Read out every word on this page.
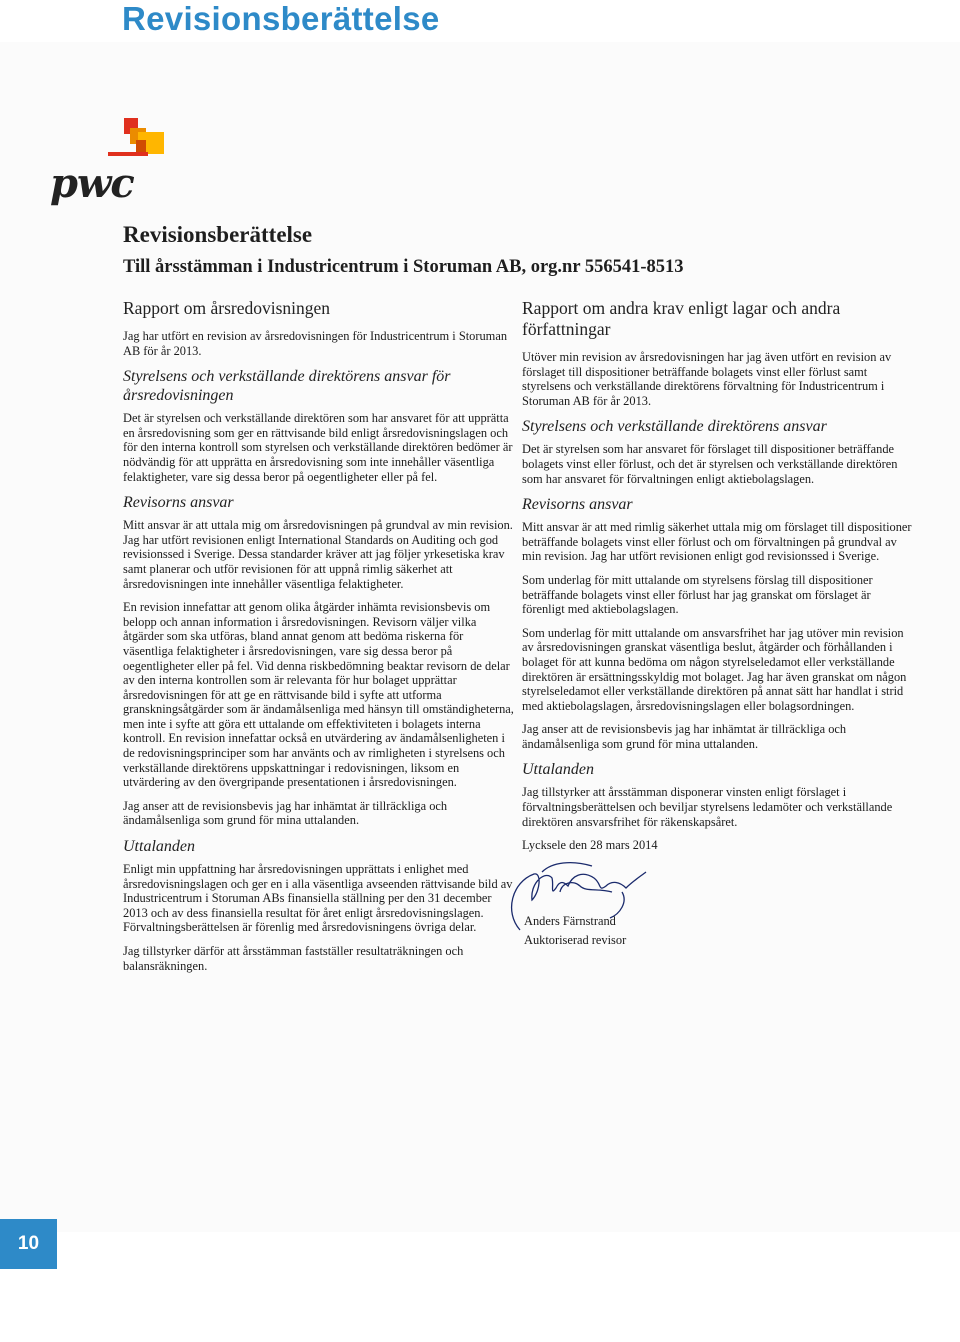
Revisionsberättelse
pwc
Revisionsberättelse
Till årsstämman i Industricentrum i Storuman AB, org.nr 556541-8513
Rapport om årsredovisningen

Jag har utfört en revision av årsredovisningen för Industricentrum i Storuman AB för år 2013.

Styrelsens och verkställande direktörens ansvar för årsredovisningen

Det är styrelsen och verkställande direktören som har ansvaret för att upprätta en årsredovisning som ger en rättvisande bild enligt årsredovisningslagen och för den interna kontroll som styrelsen och verkställande direktören bedömer är nödvändig för att upprätta en årsredovisning som inte innehåller väsentliga felaktigheter, vare sig dessa beror på oegentligheter eller på fel.

Revisorns ansvar

Mitt ansvar är att uttala mig om årsredovisningen på grundval av min revision. Jag har utfört revisionen enligt International Standards on Auditing och god revisionssed i Sverige. Dessa standarder kräver att jag följer yrkesetiska krav samt planerar och utför revisionen för att uppnå rimlig säkerhet att årsredovisningen inte innehåller väsentliga felaktigheter.

En revision innefattar att genom olika åtgärder inhämta revisionsbevis om belopp och annan information i årsredovisningen. Revisorn väljer vilka åtgärder som ska utföras, bland annat genom att bedöma riskerna för väsentliga felaktigheter i årsredovisningen, vare sig dessa beror på oegentligheter eller på fel. Vid denna riskbedömning beaktar revisorn de delar av den interna kontrollen som är relevanta för hur bolaget upprättar årsredovisningen för att ge en rättvisande bild i syfte att utforma granskningsåtgärder som är ändamålsenliga med hänsyn till omständigheterna, men inte i syfte att göra ett uttalande om effektiviteten i bolagets interna kontroll. En revision innefattar också en utvärdering av ändamålsenligheten i de redovisningsprinciper som har använts och av rimligheten i styrelsens och verkställande direktörens uppskattningar i redovisningen, liksom en utvärdering av den övergripande presentationen i årsredovisningen.

Jag anser att de revisionsbevis jag har inhämtat är tillräckliga och ändamålsenliga som grund för mina uttalanden.

Uttalanden

Enligt min uppfattning har årsredovisningen upprättats i enlighet med årsredovisningslagen och ger en i alla väsentliga avseenden rättvisande bild av Industricentrum i Storuman ABs finansiella ställning per den 31 december 2013 och av dess finansiella resultat för året enligt årsredovisningslagen. Förvaltningsberättelsen är förenlig med årsredovisningens övriga delar.

Jag tillstyrker därför att årsstämman fastställer resultaträkningen och balansräkningen.

Rapport om andra krav enligt lagar och andra författningar

Utöver min revision av årsredovisningen har jag även utfört en revision av förslaget till dispositioner beträffande bolagets vinst eller förlust samt styrelsens och verkställande direktörens förvaltning för Industricentrum i Storuman AB för år 2013.

Styrelsens och verkställande direktörens ansvar

Det är styrelsen som har ansvaret för förslaget till dispositioner beträffande bolagets vinst eller förlust, och det är styrelsen och verkställande direktören som har ansvaret för förvaltningen enligt aktiebolagslagen.

Revisorns ansvar

Mitt ansvar är att med rimlig säkerhet uttala mig om förslaget till dispositioner beträffande bolagets vinst eller förlust och om förvaltningen på grundval av min revision. Jag har utfört revisionen enligt god revisionssed i Sverige.

Som underlag för mitt uttalande om styrelsens förslag till dispositioner beträffande bolagets vinst eller förlust har jag granskat om förslaget är förenligt med aktiebolagslagen.

Som underlag för mitt uttalande om ansvarsfrihet har jag utöver min revision av årsredovisningen granskat väsentliga beslut, åtgärder och förhållanden i bolaget för att kunna bedöma om någon styrelseledamot eller verkställande direktören är ersättningsskyldig mot bolaget. Jag har även granskat om någon styrelseledamot eller verkställande direktören på annat sätt har handlat i strid med aktiebolagslagen, årsredovisningslagen eller bolagsordningen.

Jag anser att de revisionsbevis jag har inhämtat är tillräckliga och ändamålsenliga som grund för mina uttalanden.

Uttalanden

Jag tillstyrker att årsstämman disponerar vinsten enligt förslaget i förvaltningsberättelsen och beviljar styrelsens ledamöter och verkställande direktören ansvarsfrihet för räkenskapsåret.

Lycksele den 28 mars 2014
Anders Färnstrand
Auktoriserad revisor
10
